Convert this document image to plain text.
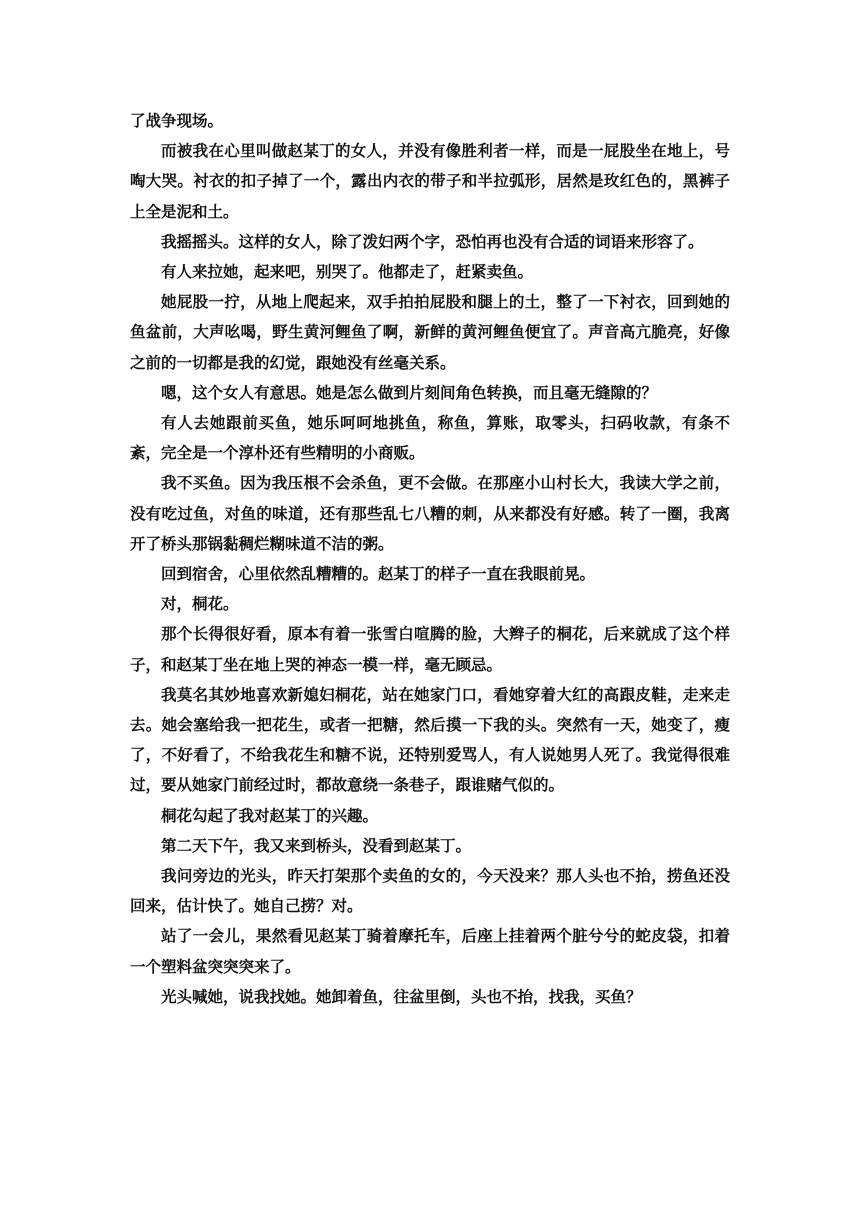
了战争现场。

而被我在心里叫做赵某丁的女人，并没有像胜利者一样，而是一屁股坐在地上，号啕大哭。衬衣的扣子掉了一个，露出内衣的带子和半拉弧形，居然是玫红色的，黑裤子上全是泥和土。

我摇摇头。这样的女人，除了泼妇两个字，恐怕再也没有合适的词语来形容了。

有人来拉她，起来吧，别哭了。他都走了，赶紧卖鱼。

她屁股一拧，从地上爬起来，双手拍拍屁股和腿上的土，整了一下衬衣，回到她的鱼盆前，大声吆喝，野生黄河鲤鱼了啊，新鲜的黄河鲤鱼便宜了。声音高亢脆亮，好像之前的一切都是我的幻觉，跟她没有丝毫关系。

嗯，这个女人有意思。她是怎么做到片刻间角色转换，而且毫无缝隙的？

有人去她跟前买鱼，她乐呵呵地挑鱼，称鱼，算账，取零头，扫码收款，有条不紊，完全是一个淳朴还有些精明的小商贩。

我不买鱼。因为我压根不会杀鱼，更不会做。在那座小山村长大，我读大学之前，没有吃过鱼，对鱼的味道，还有那些乱七八糟的刺，从来都没有好感。转了一圈，我离开了桥头那锅黏稠烂糊味道不洁的粥。

回到宿舍，心里依然乱糟糟的。赵某丁的样子一直在我眼前晃。

对，桐花。

那个长得很好看，原本有着一张雪白喧腾的脸，大辫子的桐花，后来就成了这个样子，和赵某丁坐在地上哭的神态一模一样，毫无顾忌。

我莫名其妙地喜欢新媳妇桐花，站在她家门口，看她穿着大红的高跟皮鞋，走来走去。她会塞给我一把花生，或者一把糖，然后摸一下我的头。突然有一天，她变了，瘦了，不好看了，不给我花生和糖不说，还特别爱骂人，有人说她男人死了。我觉得很难过，要从她家门前经过时，都故意绕一条巷子，跟谁赌气似的。

桐花勾起了我对赵某丁的兴趣。

第二天下午，我又来到桥头，没看到赵某丁。

我问旁边的光头，昨天打架那个卖鱼的女的，今天没来？那人头也不抬，捞鱼还没回来，估计快了。她自己捞？对。

站了一会儿，果然看见赵某丁骑着摩托车，后座上挂着两个脏兮兮的蛇皮袋，扣着一个塑料盆突突突来了。

光头喊她，说我找她。她卸着鱼，往盆里倒，头也不抬，找我，买鱼？
